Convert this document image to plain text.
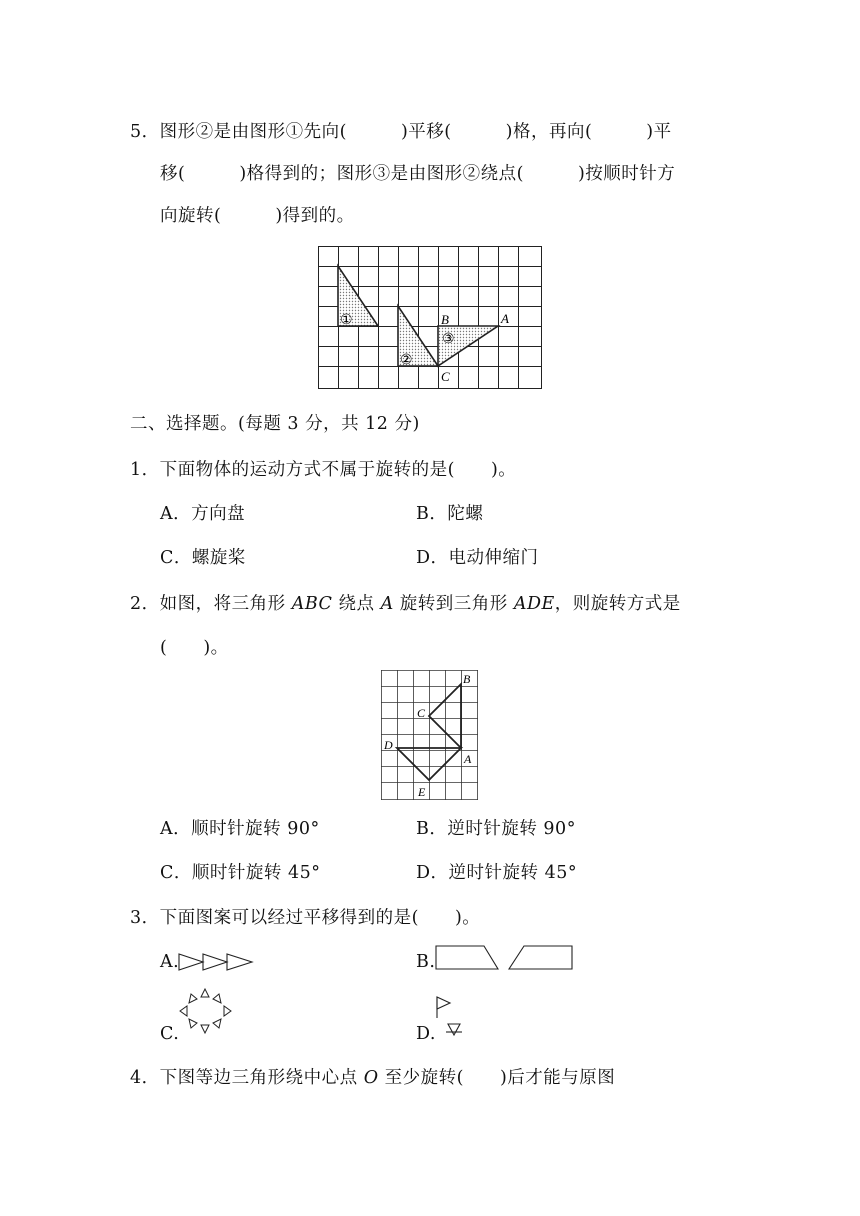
5．图形②是由图形①先向(　　　)平移(　　　)格，再向(　　　)平
移(　　　)格得到的；图形③是由图形②绕点(　　　)按顺时针方
向旋转(　　　)得到的。
①
②
③
A
B
C
二、选择题。(每题 3 分，共 12 分)
1．下面物体的运动方式不属于旋转的是(　　)。
A．方向盘	B．陀螺
C．螺旋桨	D．电动伸缩门
2．如图，将三角形 ABC 绕点 A 旋转到三角形 ADE，则旋转方式是
(　　)。
B
C
D
A
E
A．顺时针旋转 90°	B．逆时针旋转 90°
C．顺时针旋转 45°	D．逆时针旋转 45°
3．下面图案可以经过平移得到的是(　　)。
A.	B.
C.	D.
4．下图等边三角形绕中心点 O 至少旋转(　　)后才能与原图
